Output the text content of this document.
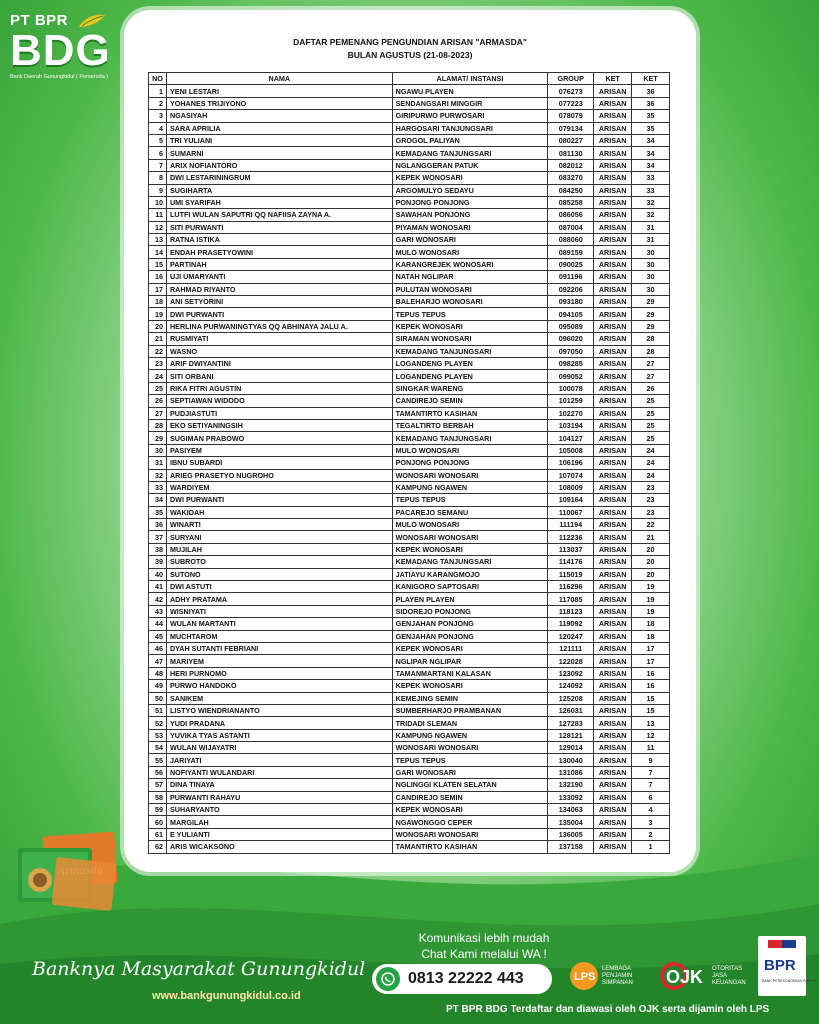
PT BPR
BDG
Bank Daerah Gunungkidul ( Perseroda )
DAFTAR PEMENANG PENGUNDIAN ARISAN "ARMASDA"
BULAN AGUSTUS (21-08-2023)
NO	NAMA	ALAMAT/ INSTANSI	GROUP	KET	KET
1	YENI LESTARI	NGAWU PLAYEN	076273	ARISAN	36
2	YOHANES TRIJIYONO	SENDANGSARI MINGGIR	077223	ARISAN	36
3	NGASIYAH	GIRIPURWO PURWOSARI	078079	ARISAN	35
4	SARA APRILIA	HARGOSARI TANJUNGSARI	079134	ARISAN	35
5	TRI YULIANI	GROGOL PALIYAN	080227	ARISAN	34
6	SUMARNI	KEMADANG TANJUNGSARI	081130	ARISAN	34
7	ARIX NOFIANTORO	NGLANGGERAN PATUK	082012	ARISAN	34
8	DWI LESTARININGRUM	KEPEK WONOSARI	083270	ARISAN	33
9	SUGIHARTA	ARGOMULYO SEDAYU	084250	ARISAN	33
10	UMI SYARIFAH	PONJONG PONJONG	085258	ARISAN	32
11	LUTFI WULAN SAPUTRI QQ NAFIISA ZAYNA A.	SAWAHAN PONJONG	086056	ARISAN	32
12	SITI PURWANTI	PIYAMAN WONOSARI	087004	ARISAN	31
13	RATNA ISTIKA	GARI WONOSARI	088060	ARISAN	31
14	ENDAH PRASETYOWINI	MULO WONOSARI	089159	ARISAN	30
15	PARTINAH	KARANGREJEK WONOSARI	090025	ARISAN	30
16	UJI UMARYANTI	NATAH NGLIPAR	091196	ARISAN	30
17	RAHMAD RIYANTO	PULUTAN WONOSARI	092206	ARISAN	30
18	ANI SETYORINI	BALEHARJO WONOSARI	093180	ARISAN	29
19	DWI PURWANTI	TEPUS TEPUS	094105	ARISAN	29
20	HERLINA PURWANINGTYAS QQ ABHINAYA JALU A.	KEPEK WONOSARI	095089	ARISAN	29
21	RUSMIYATI	SIRAMAN WONOSARI	096020	ARISAN	28
22	WASNO	KEMADANG TANJUNGSARI	097050	ARISAN	28
23	ARIF DWIYANTINI	LOGANDENG PLAYEN	098285	ARISAN	27
24	SITI ORBANI	LOGANDENG PLAYEN	099052	ARISAN	27
25	RIKA FITRI AGUSTIN	SINGKAR WARENG	100078	ARISAN	26
26	SEPTIAWAN WIDODO	CANDIREJO SEMIN	101259	ARISAN	25
27	PUDJIASTUTI	TAMANTIRTO KASIHAN	102270	ARISAN	25
28	EKO SETIYANINGSIH	TEGALTIRTO BERBAH	103194	ARISAN	25
29	SUGIMAN PRABOWO	KEMADANG TANJUNGSARI	104127	ARISAN	25
30	PASIYEM	MULO WONOSARI	105008	ARISAN	24
31	IBNU SUBARDI	PONJONG PONJONG	106196	ARISAN	24
32	ARIEG PRASETYO NUGROHO	WONOSARI WONOSARI	107074	ARISAN	24
33	WARDIYEM	KAMPUNG NGAWEN	108009	ARISAN	23
34	DWI PURWANTI	TEPUS TEPUS	109164	ARISAN	23
35	WAKIDAH	PACAREJO SEMANU	110067	ARISAN	23
36	WINARTI	MULO WONOSARI	111194	ARISAN	22
37	SURYANI	WONOSARI WONOSARI	112236	ARISAN	21
38	MUJILAH	KEPEK WONOSARI	113037	ARISAN	20
39	SUBROTO	KEMADANG TANJUNGSARI	114176	ARISAN	20
40	SUTONO	JATIAYU KARANGMOJO	115019	ARISAN	20
41	DWI ASTUTI	KANIGORO SAPTOSARI	116296	ARISAN	19
42	ADHY PRATAMA	PLAYEN PLAYEN	117085	ARISAN	19
43	WISNIYATI	SIDOREJO PONJONG	118123	ARISAN	19
44	WULAN MARTANTI	GENJAHAN PONJONG	119092	ARISAN	18
45	MUCHTAROM	GENJAHAN PONJONG	120247	ARISAN	18
46	DYAH SUTANTI FEBRIANI	KEPEK WONOSARI	121111	ARISAN	17
47	MARIYEM	NGLIPAR NGLIPAR	122028	ARISAN	17
48	HERI PURNOMO	TAMANMARTANI KALASAN	123092	ARISAN	16
49	PURWO HANDOKO	KEPEK WONOSARI	124092	ARISAN	16
50	SANIKEM	KEMEJING SEMIN	125208	ARISAN	15
51	LISTYO WIENDRIANANTO	SUMBERHARJO PRAMBANAN	126031	ARISAN	15
52	YUDI PRADANA	TRIDADI SLEMAN	127283	ARISAN	13
53	YUVIKA TYAS ASTANTI	KAMPUNG NGAWEN	128121	ARISAN	12
54	WULAN WIJAYATRI	WONOSARI WONOSARI	129014	ARISAN	11
55	JARIYATI	TEPUS TEPUS	130040	ARISAN	9
56	NOFIYANTI WULANDARI	GARI WONOSARI	131086	ARISAN	7
57	DINA TINAYA	NGLINGGI KLATEN SELATAN	132190	ARISAN	7
58	PURWANTI RAHAYU	CANDIREJO SEMIN	133092	ARISAN	6
59	SUHARYANTO	KEPEK WONOSARI	134063	ARISAN	4
60	MARGILAH	NGAWONGGO CEPER	135004	ARISAN	3
61	E YULIANTI	WONOSARI WONOSARI	136005	ARISAN	2
62	ARIS WICAKSONO	TAMANTIRTO KASIHAN	137158	ARISAN	1
Banknya Masyarakat Gunungkidul
www.bankgunungkidul.co.id
Komunikasi lebih mudah
Chat Kami melalui WA !
0813 22222 443	LPS
LEMBAGA
PENJAMIN
SIMPANAN OJK OTORITAS
JASA
KEUANGAN
BPR
BANK PEREKONOMIAN RAKYAT
PT BPR BDG Terdaftar dan diawasi oleh OJK serta dijamin oleh LPS
